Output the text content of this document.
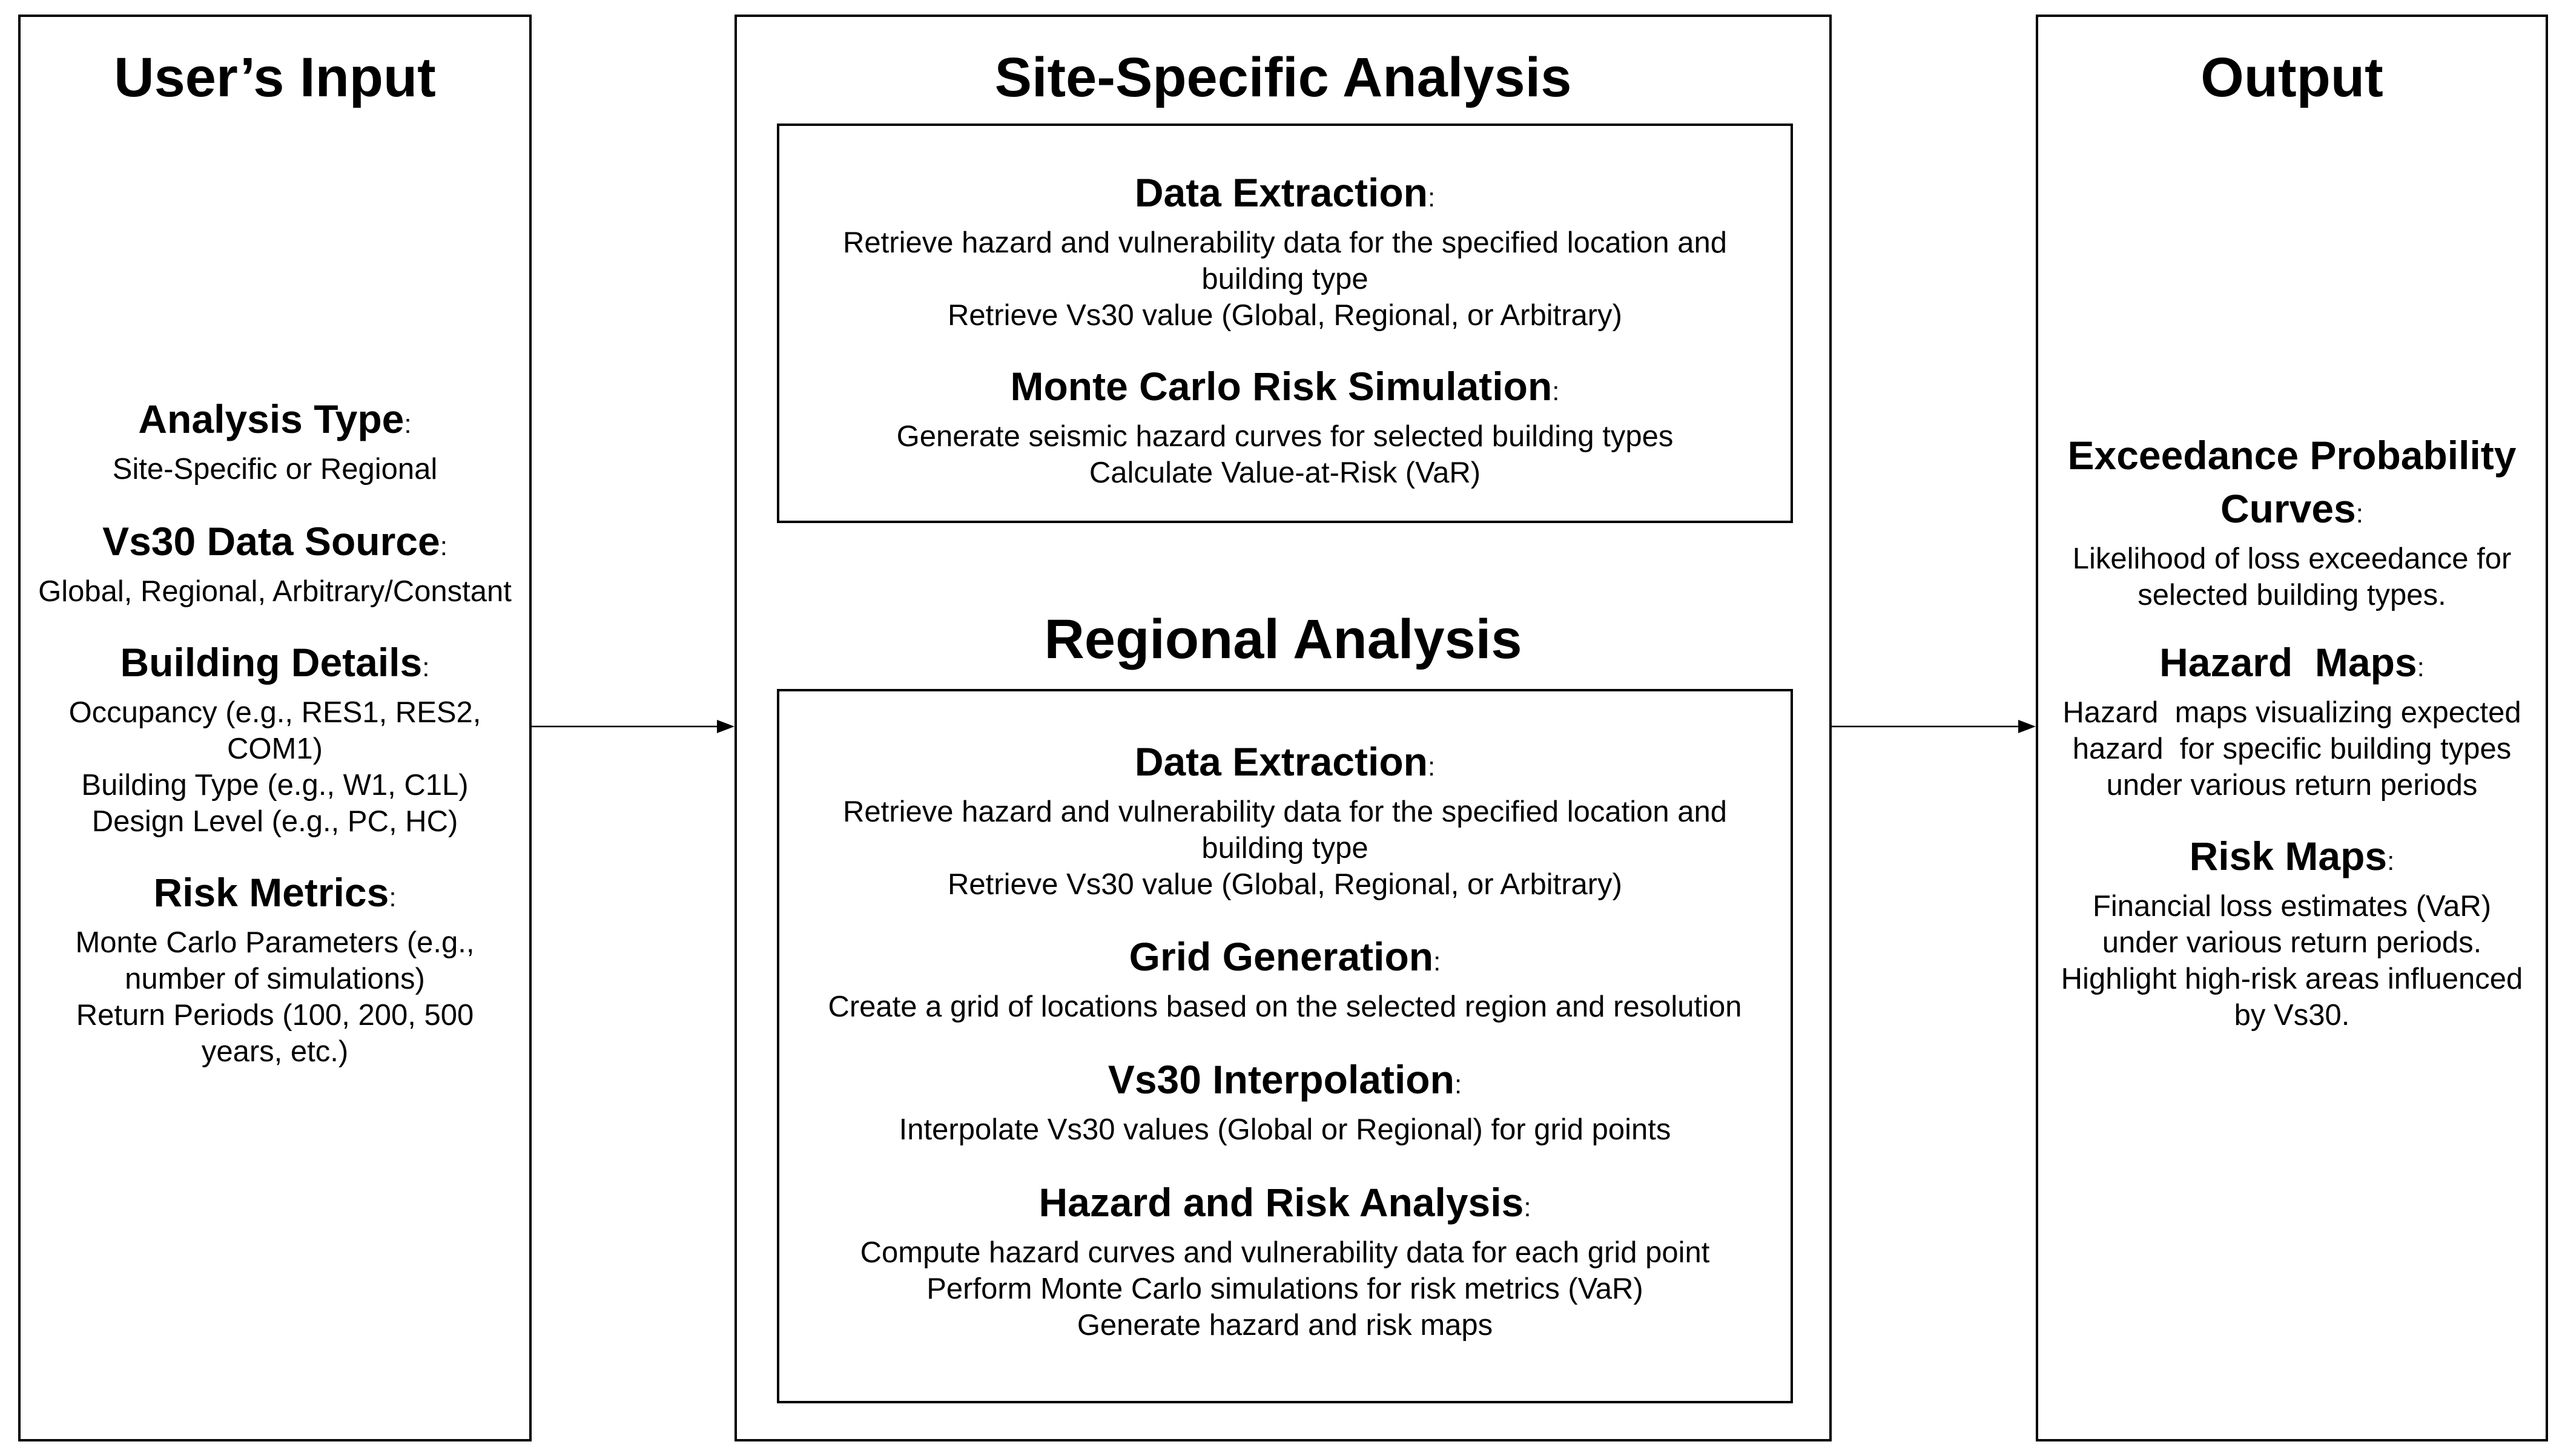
User’s Input
Analysis Type:
Site-Specific or Regional
Vs30 Data Source:
Global, Regional, Arbitrary/Constant
Building Details:
Occupancy (e.g., RES1, RES2,
COM1)
Building Type (e.g., W1, C1L)
Design Level (e.g., PC, HC)
Risk Metrics:
Monte Carlo Parameters (e.g.,
number of simulations)
Return Periods (100, 200, 500
years, etc.)
Site-Specific Analysis
Data Extraction:
Retrieve hazard and vulnerability data for the specified location and
building type
Retrieve Vs30 value (Global, Regional, or Arbitrary)
Monte Carlo Risk Simulation:
Generate seismic hazard curves for selected building types
Calculate Value-at-Risk (VaR)
Regional Analysis
Data Extraction:
Retrieve hazard and vulnerability data for the specified location and
building type
Retrieve Vs30 value (Global, Regional, or Arbitrary)
Grid Generation:
Create a grid of locations based on the selected region and resolution
Vs30 Interpolation:
Interpolate Vs30 values (Global or Regional) for grid points
Hazard and Risk Analysis:
Compute hazard curves and vulnerability data for each grid point
Perform Monte Carlo simulations for risk metrics (VaR)
Generate hazard and risk maps
Output
Exceedance Probability
Curves:
Likelihood of loss exceedance for
selected building types.
Hazard  Maps:
Hazard  maps visualizing expected
hazard  for specific building types
under various return periods
Risk Maps:
Financial loss estimates (VaR)
under various return periods.
Highlight high-risk areas influenced
by Vs30.
